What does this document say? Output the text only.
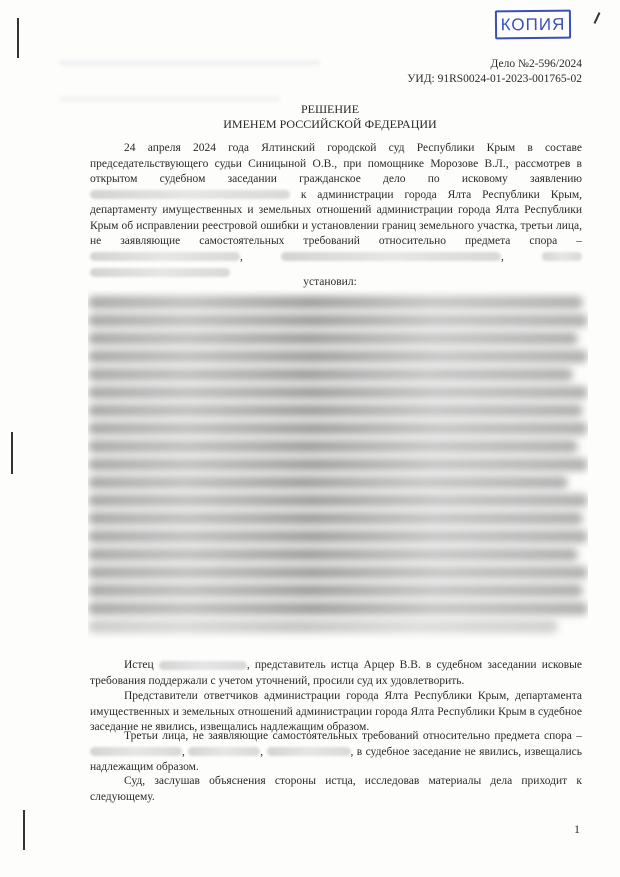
КОПИЯ
Дело №2-596/2024
УИД: 91RS0024-01-2023-001765-02
РЕШЕНИЕ
ИМЕНЕМ РОССИЙСКОЙ ФЕДЕРАЦИИ

24 апреля 2024 года Ялтинский городской суд Республики Крым в составе председательствующего судьи Синицыной О.В., при помощнике Морозове В.Л., рассмотрев в открытом судебном заседании гражданское дело по исковому заявлению  к администрации города Ялта Республики Крым, департаменту имущественных и земельных отношений администрации города Ялта Республики Крым об исправлении реестровой ошибки и установлении границ земельного участка, третьи лица, не заявляющие самостоятельных требований относительно предмета спора – ,	,

установил:

Истец	, представитель истца Арцер В.В. в судебном заседании исковые требования поддержали с учетом уточнений, просили суд их удовлетворить.

Представители ответчиков администрации города Ялта Республики Крым, департамента имущественных и земельных отношений администрации города Ялта Республики Крым в судебное заседание не явились, извещались надлежащим образом.

Третьи лица, не заявляющие самостоятельных требований относительно предмета спора – ,	,	, в судебное заседание не явились, извещались надлежащим образом.

Суд, заслушав объяснения стороны истца, исследовав материалы дела приходит к следующему.

1
